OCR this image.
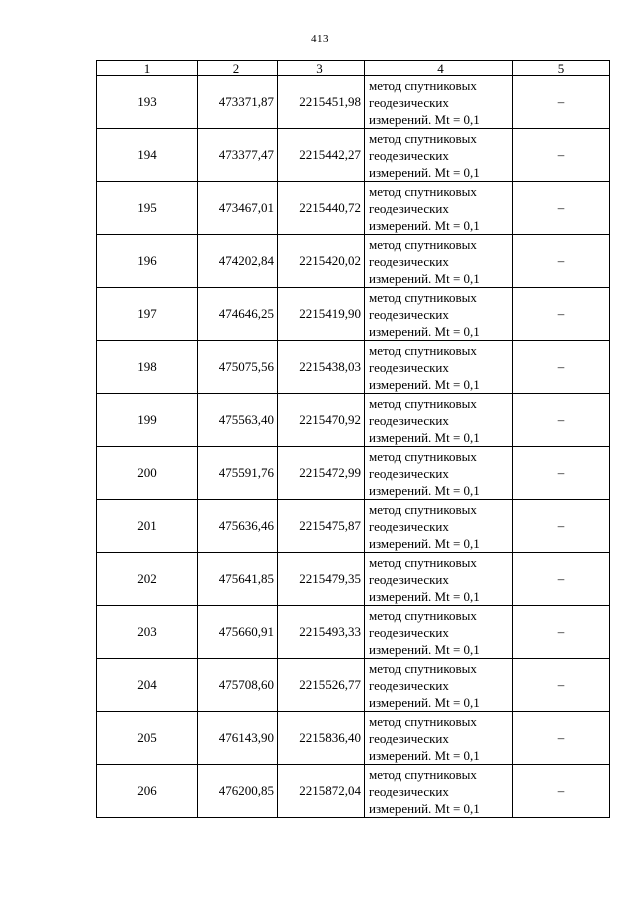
413
1	2	3	4	5
193	473371,87	2215451,98	метод спутниковых
геодезических
измерений. Mt = 0,1	–
194	473377,47	2215442,27	метод спутниковых
геодезических
измерений. Mt = 0,1	–
195	473467,01	2215440,72	метод спутниковых
геодезических
измерений. Mt = 0,1	–
196	474202,84	2215420,02	метод спутниковых
геодезических
измерений. Mt = 0,1	–
197	474646,25	2215419,90	метод спутниковых
геодезических
измерений. Mt = 0,1	–
198	475075,56	2215438,03	метод спутниковых
геодезических
измерений. Mt = 0,1	–
199	475563,40	2215470,92	метод спутниковых
геодезических
измерений. Mt = 0,1	–
200	475591,76	2215472,99	метод спутниковых
геодезических
измерений. Mt = 0,1	–
201	475636,46	2215475,87	метод спутниковых
геодезических
измерений. Mt = 0,1	–
202	475641,85	2215479,35	метод спутниковых
геодезических
измерений. Mt = 0,1	–
203	475660,91	2215493,33	метод спутниковых
геодезических
измерений. Mt = 0,1	–
204	475708,60	2215526,77	метод спутниковых
геодезических
измерений. Mt = 0,1	–
205	476143,90	2215836,40	метод спутниковых
геодезических
измерений. Mt = 0,1	–
206	476200,85	2215872,04	метод спутниковых
геодезических
измерений. Mt = 0,1	–
